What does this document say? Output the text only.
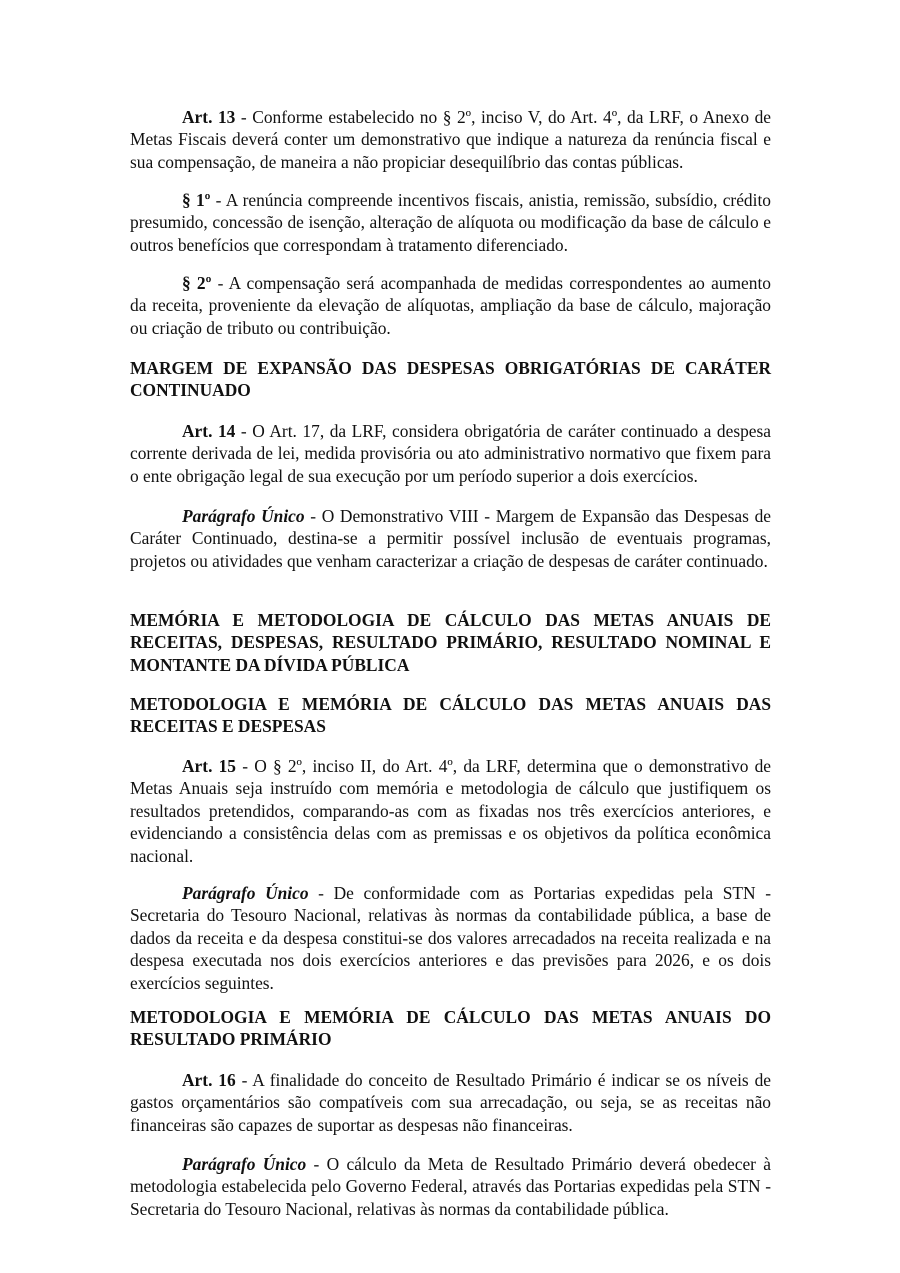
Art. 13 - Conforme estabelecido no § 2º, inciso V, do Art. 4º, da LRF, o Anexo de Metas Fiscais deverá conter um demonstrativo que indique a natureza da renúncia fiscal e sua compensação, de maneira a não propiciar desequilíbrio das contas públicas.
§ 1º - A renúncia compreende incentivos fiscais, anistia, remissão, subsídio, crédito presumido, concessão de isenção, alteração de alíquota ou modificação da base de cálculo e outros benefícios que correspondam à tratamento diferenciado.
§ 2º - A compensação será acompanhada de medidas correspondentes ao aumento da receita, proveniente da elevação de alíquotas, ampliação da base de cálculo, majoração ou criação de tributo ou contribuição.
MARGEM DE EXPANSÃO DAS DESPESAS OBRIGATÓRIAS DE CARÁTER CONTINUADO
Art. 14 - O Art. 17, da LRF, considera obrigatória de caráter continuado a despesa corrente derivada de lei, medida provisória ou ato administrativo normativo que fixem para o ente obrigação legal de sua execução por um período superior a dois exercícios.
Parágrafo Único - O Demonstrativo VIII - Margem de Expansão das Despesas de Caráter Continuado, destina-se a permitir possível inclusão de eventuais programas, projetos ou atividades que venham caracterizar a criação de despesas de caráter continuado.
MEMÓRIA E METODOLOGIA DE CÁLCULO DAS METAS ANUAIS DE RECEITAS, DESPESAS, RESULTADO PRIMÁRIO, RESULTADO NOMINAL E MONTANTE DA DÍVIDA PÚBLICA
METODOLOGIA E MEMÓRIA DE CÁLCULO DAS METAS ANUAIS DAS RECEITAS E DESPESAS
Art. 15 - O § 2º, inciso II, do Art. 4º, da LRF, determina que o demonstrativo de Metas Anuais seja instruído com memória e metodologia de cálculo que justifiquem os resultados pretendidos, comparando-as com as fixadas nos três exercícios anteriores, e evidenciando a consistência delas com as premissas e os objetivos da política econômica nacional.
Parágrafo Único - De conformidade com as Portarias expedidas pela STN - Secretaria do Tesouro Nacional, relativas às normas da contabilidade pública, a base de dados da receita e da despesa constitui-se dos valores arrecadados na receita realizada e na despesa executada nos dois exercícios anteriores e das previsões para 2026, e os dois exercícios seguintes.
METODOLOGIA E MEMÓRIA DE CÁLCULO DAS METAS ANUAIS DO RESULTADO PRIMÁRIO
Art. 16 - A finalidade do conceito de Resultado Primário é indicar se os níveis de gastos orçamentários são compatíveis com sua arrecadação, ou seja, se as receitas não financeiras são capazes de suportar as despesas não financeiras.
Parágrafo Único - O cálculo da Meta de Resultado Primário deverá obedecer à metodologia estabelecida pelo Governo Federal, através das Portarias expedidas pela STN - Secretaria do Tesouro Nacional, relativas às normas da contabilidade pública.
